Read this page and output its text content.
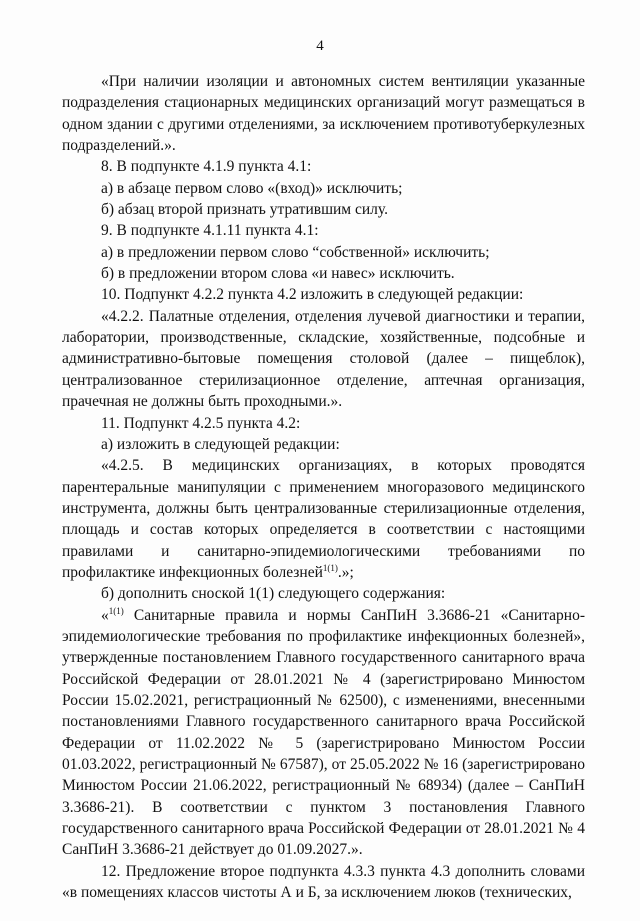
4

«При наличии изоляции и автономных систем вентиляции указанные подразделения стационарных медицинских организаций могут размещаться в одном здании с другими отделениями, за исключением противотуберкулезных подразделений.».

8. В подпункте 4.1.9 пункта 4.1:

а) в абзаце первом слово «(вход)» исключить;

б) абзац второй признать утратившим силу.

9. В подпункте 4.1.11 пункта 4.1:

а) в предложении первом слово “собственной» исключить;

б) в предложении втором слова «и навес» исключить.

10. Подпункт 4.2.2 пункта 4.2 изложить в следующей редакции:

«4.2.2. Палатные отделения, отделения лучевой диагностики и терапии, лаборатории, производственные, складские, хозяйственные, подсобные и административно-бытовые помещения столовой (далее – пищеблок), централизованное стерилизационное отделение, аптечная организация, прачечная не должны быть проходными.».

11. Подпункт 4.2.5 пункта 4.2:

а) изложить в следующей редакции:

«4.2.5. В медицинских организациях, в которых проводятся парентеральные манипуляции с применением многоразового медицинского инструмента, должны быть централизованные стерилизационные отделения, площадь и состав которых определяется в соответствии с настоящими правилами и санитарно-эпидемиологическими требованиями по профилактике инфекционных болезней$^{1(1)}$.»;

б) дополнить сноской 1(1) следующего содержания:

«$^{1(1)}$ Санитарные правила и нормы СанПиН 3.3686-21 «Санитарно-эпидемиологические требования по профилактике инфекционных болезней», утвержденные постановлением Главного государственного санитарного врача Российской Федерации от 28.01.2021 № 4 (зарегистрировано Минюстом России 15.02.2021, регистрационный № 62500), с изменениями, внесенными постановлениями Главного государственного санитарного врача Российской Федерации от 11.02.2022 № 5 (зарегистрировано Минюстом России 01.03.2022, регистрационный № 67587), от 25.05.2022 № 16 (зарегистрировано Минюстом России 21.06.2022, регистрационный № 68934) (далее – СанПиН 3.3686-21). В соответствии с пунктом 3 постановления Главного государственного санитарного врача Российской Федерации от 28.01.2021 № 4 СанПиН 3.3686-21 действует до 01.09.2027.».

12. Предложение второе подпункта 4.3.3 пункта 4.3 дополнить словами «в помещениях классов чистоты А и Б, за исключением люков (технических,
